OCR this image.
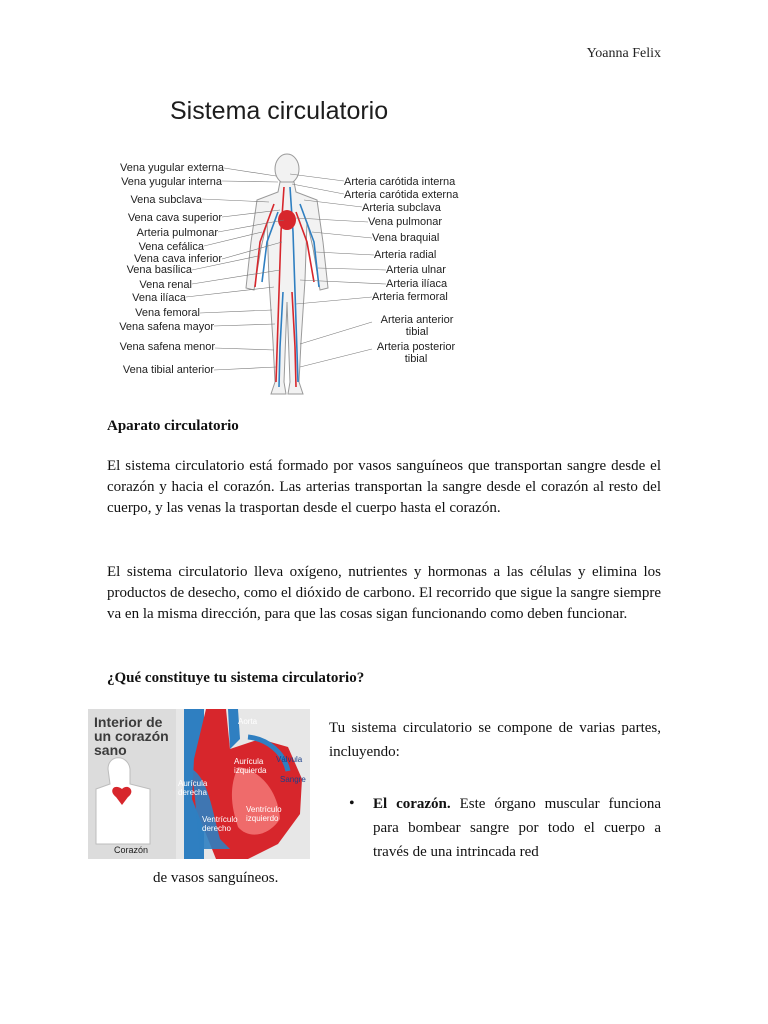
Yoanna Felix
Sistema circulatorio
Vena yugular externa
Vena yugular interna
Vena subclava
Vena cava superior
Arteria pulmonar
Vena cefálica
Vena cava inferior
Vena basílica
Vena renal
Vena ilíaca
Vena femoral
Vena safena mayor
Vena safena menor
Vena tibial anterior
Arteria carótida interna
Arteria carótida externa
Arteria subclava
Vena pulmonar
Vena braquial
Arteria radial
Arteria ulnar
Arteria ilíaca
Arteria fermoral
Arteria anterior tibial
Arteria posterior tibial
Aparato circulatorio

El sistema circulatorio está formado por vasos sanguíneos que transportan sangre desde el corazón y hacia el corazón. Las arterias transportan la sangre desde el corazón al resto del cuerpo, y las venas la trasportan desde el cuerpo hasta el corazón.

El sistema circulatorio lleva oxígeno, nutrientes y hormonas a las células y elimina los productos de desecho, como el dióxido de carbono. El recorrido que sigue la sangre siempre va en la misma dirección, para que las cosas sigan funcionando como deben funcionar.

¿Qué constituye tu sistema circulatorio?
Interior de
un corazón
sano
Corazón
Aorta
Aurícula izquierda
Válvula
Sangre
Aurícula derecha
Ventrículo izquierdo
Ventrículo derecho
Tu sistema circulatorio se compone de varias partes, incluyendo:
• El corazón. Este órgano muscular funciona para bombear sangre por todo el cuerpo a través de una intrincada red
de vasos sanguíneos.
